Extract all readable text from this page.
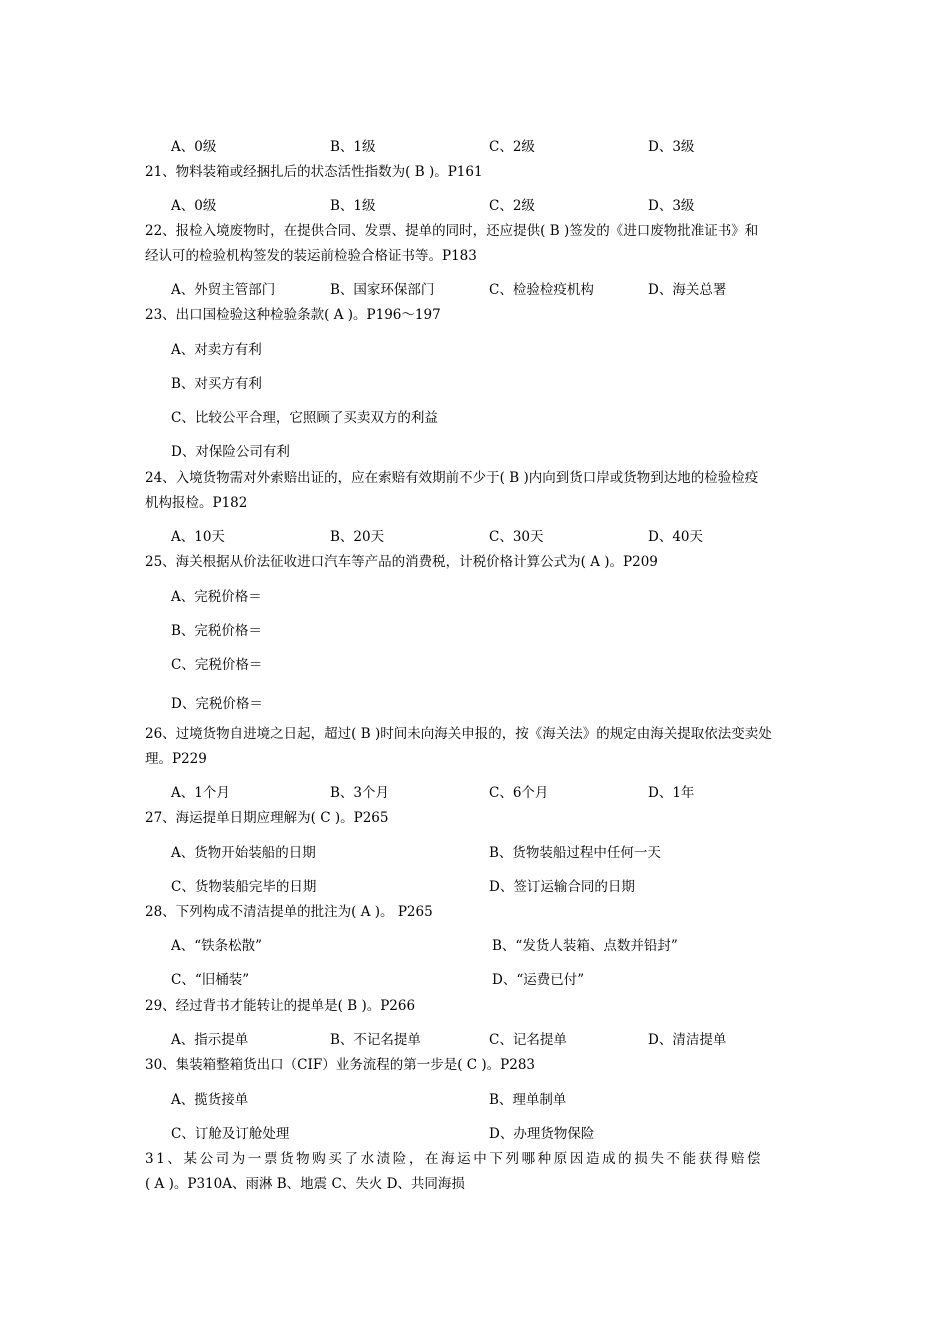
A、0级	B、1级	C、2级	D、3级
21、物料装箱或经捆扎后的状态活性指数为( B )。P161
A、0级	B、1级	C、2级	D、3级
22、报检入境废物时，在提供合同、发票、提单的同时，还应提供( B )签发的《进口废物批准证书》和
经认可的检验机构签发的装运前检验合格证书等。P183
A、外贸主管部门	B、国家环保部门	C、检验检疫机构	D、海关总署
23、出口国检验这种检验条款( A )。P196～197
A、对卖方有利
B、对买方有利
C、比较公平合理，它照顾了买卖双方的利益
D、对保险公司有利
24、入境货物需对外索赔出证的，应在索赔有效期前不少于( B )内向到货口岸或货物到达地的检验检疫
机构报检。P182
A、10天	B、20天	C、30天	D、40天
25、海关根据从价法征收进口汽车等产品的消费税，计税价格计算公式为( A )。P209
A、完税价格＝
B、完税价格＝
C、完税价格＝
D、完税价格＝
26、过境货物自进境之日起，超过( B )时间未向海关申报的，按《海关法》的规定由海关提取依法变卖处
理。P229
A、1个月	B、3个月	C、6个月	D、1年
27、海运提单日期应理解为( C )。P265
A、货物开始装船的日期	B、货物装船过程中任何一天
C、货物装船完毕的日期	D、签订运输合同的日期
28、下列构成不清洁提单的批注为( A )。 P265
A、“铁条松散”	B、“发货人装箱、点数并铅封”
C、“旧桶装”	D、“运费已付”
29、经过背书才能转让的提单是( B )。P266
A、指示提单	B、不记名提单	C、记名提单	D、清洁提单
30、集装箱整箱货出口（CIF）业务流程的第一步是( C )。P283
A、揽货接单	B、理单制单
C、订舱及订舱处理	D、办理货物保险
31、某公司为一票货物购买了水渍险，在海运中下列哪种原因造成的损失不能获得赔偿
( A )。P310A、雨淋 B、地震 C、失火 D、共同海损
